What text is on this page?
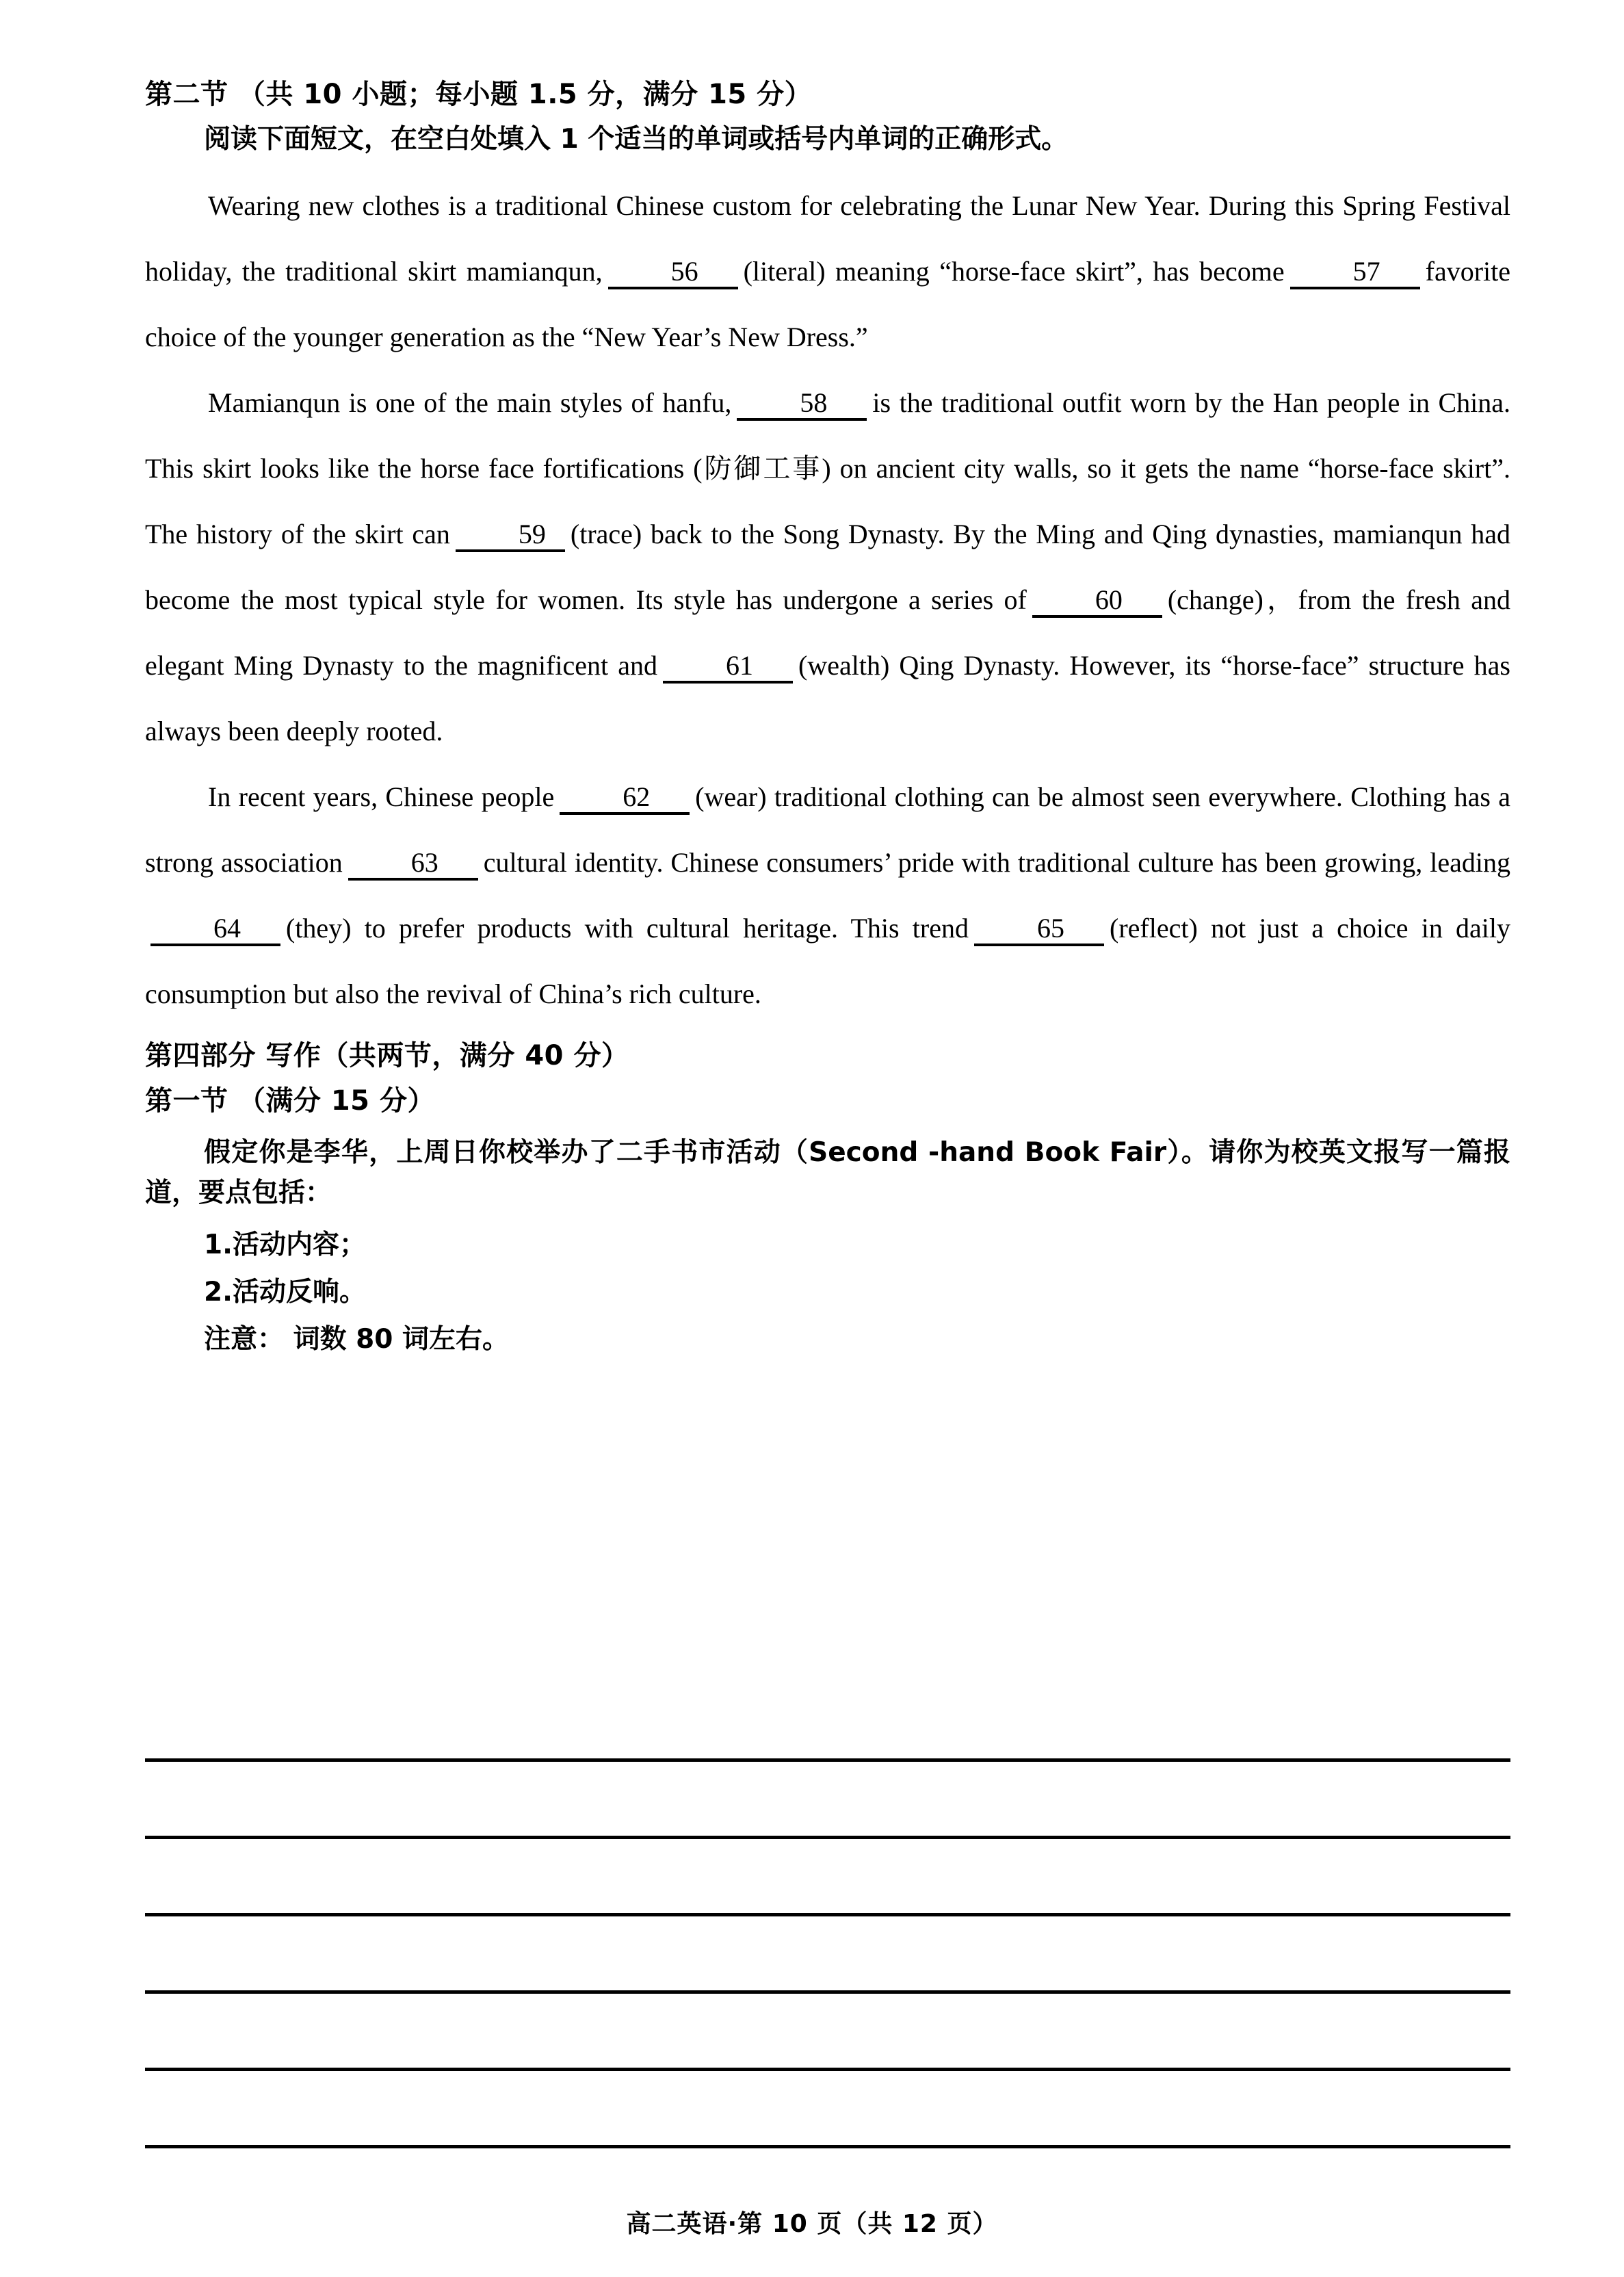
第二节 （共 10 小题；每小题 1.5 分，满分 15 分）

阅读下面短文，在空白处填入 1 个适当的单词或括号内单词的正确形式。

Wearing new clothes is a traditional Chinese custom for celebrating the Lunar New Year. During this Spring Festival holiday, the traditional skirt mamianqun,	56 (literal) meaning “horse-face skirt”, has become	57 favorite choice of the younger generation as the “New Year’s New Dress.”

Mamianqun is one of the main styles of hanfu,	58 is the traditional outfit worn by the Han people in China. This skirt looks like the horse face fortifications (防御工事) on ancient city walls, so it gets the name “horse-face skirt”. The history of the skirt can	59 (trace) back to the Song Dynasty. By the Ming and Qing dynasties, mamianqun had become the most typical style for women. Its style has undergone a series of	60 (change)，from the fresh and elegant Ming Dynasty to the magnificent and	61 (wealth) Qing Dynasty. However, its “horse-face” structure has always been deeply rooted.

In recent years, Chinese people	62 (wear) traditional clothing can be almost seen everywhere. Clothing has a strong association	63 cultural identity. Chinese consumers’ pride with traditional culture has been growing, leading64 (they) to prefer products with cultural heritage. This trend	65 (reflect) not just a choice in daily consumption but also the revival of China’s rich culture.

第四部分 写作（共两节，满分 40 分）
第一节 （满分 15 分）

假定你是李华，上周日你校举办了二手书市活动（Second -hand Book Fair）。请你为校英文报写一篇报道，要点包括：

1.活动内容；

2.活动反响。

注意： 词数 80 词左右。

高二英语·第 10 页（共 12 页）
